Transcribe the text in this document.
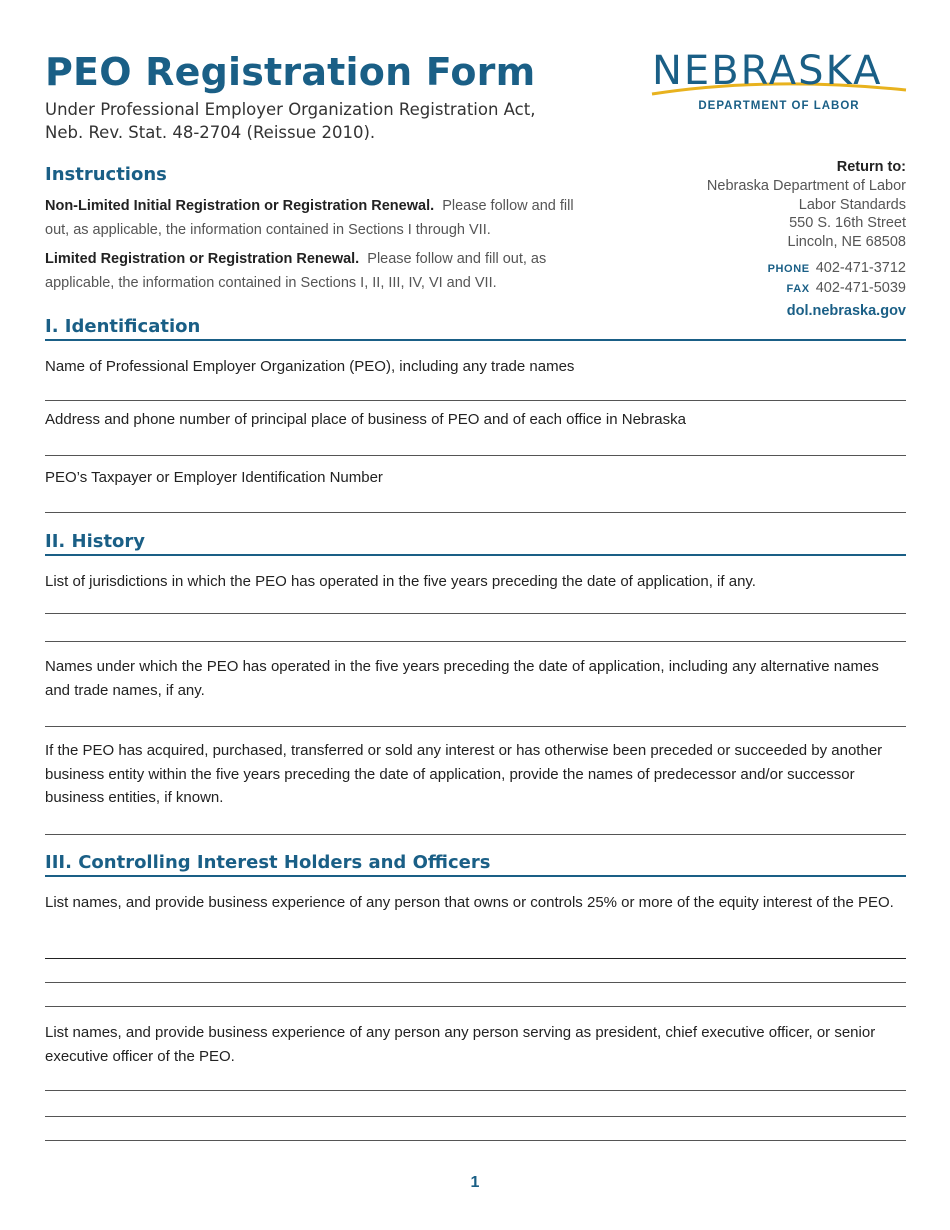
PEO Registration Form
Under Professional Employer Organization Registration Act,
Neb. Rev. Stat. 48-2704 (Reissue 2010).
NEBRASKA
DEPARTMENT OF LABOR
Instructions
Non-Limited Initial Registration or Registration Renewal. Please follow and fill out, as applicable, the information contained in Sections I through VII.
Limited Registration or Registration Renewal. Please follow and fill out, as applicable, the information contained in Sections I, II, III, IV, VI and VII.
Return to:
Nebraska Department of Labor
Labor Standards
550 S. 16th Street
Lincoln, NE 68508
PHONE 402-471-3712
FAX 402-471-5039
dol.nebraska.gov
I. Identification
Name of Professional Employer Organization (PEO), including any trade names
Address and phone number of principal place of business of PEO and of each office in Nebraska
PEO’s Taxpayer or Employer Identification Number
II. History
List of jurisdictions in which the PEO has operated in the five years preceding the date of application, if any.
Names under which the PEO has operated in the five years preceding the date of application, including any alternative names and trade names, if any.
If the PEO has acquired, purchased, transferred or sold any interest or has otherwise been preceded or succeeded by another business entity within the five years preceding the date of application, provide the names of predecessor and/or successor business entities, if known.
III. Controlling Interest Holders and Officers
List names, and provide business experience of any person that owns or controls 25% or more of the equity interest of the PEO.
List names, and provide business experience of any person any person serving as president, chief executive officer, or senior executive officer of the PEO.
1
